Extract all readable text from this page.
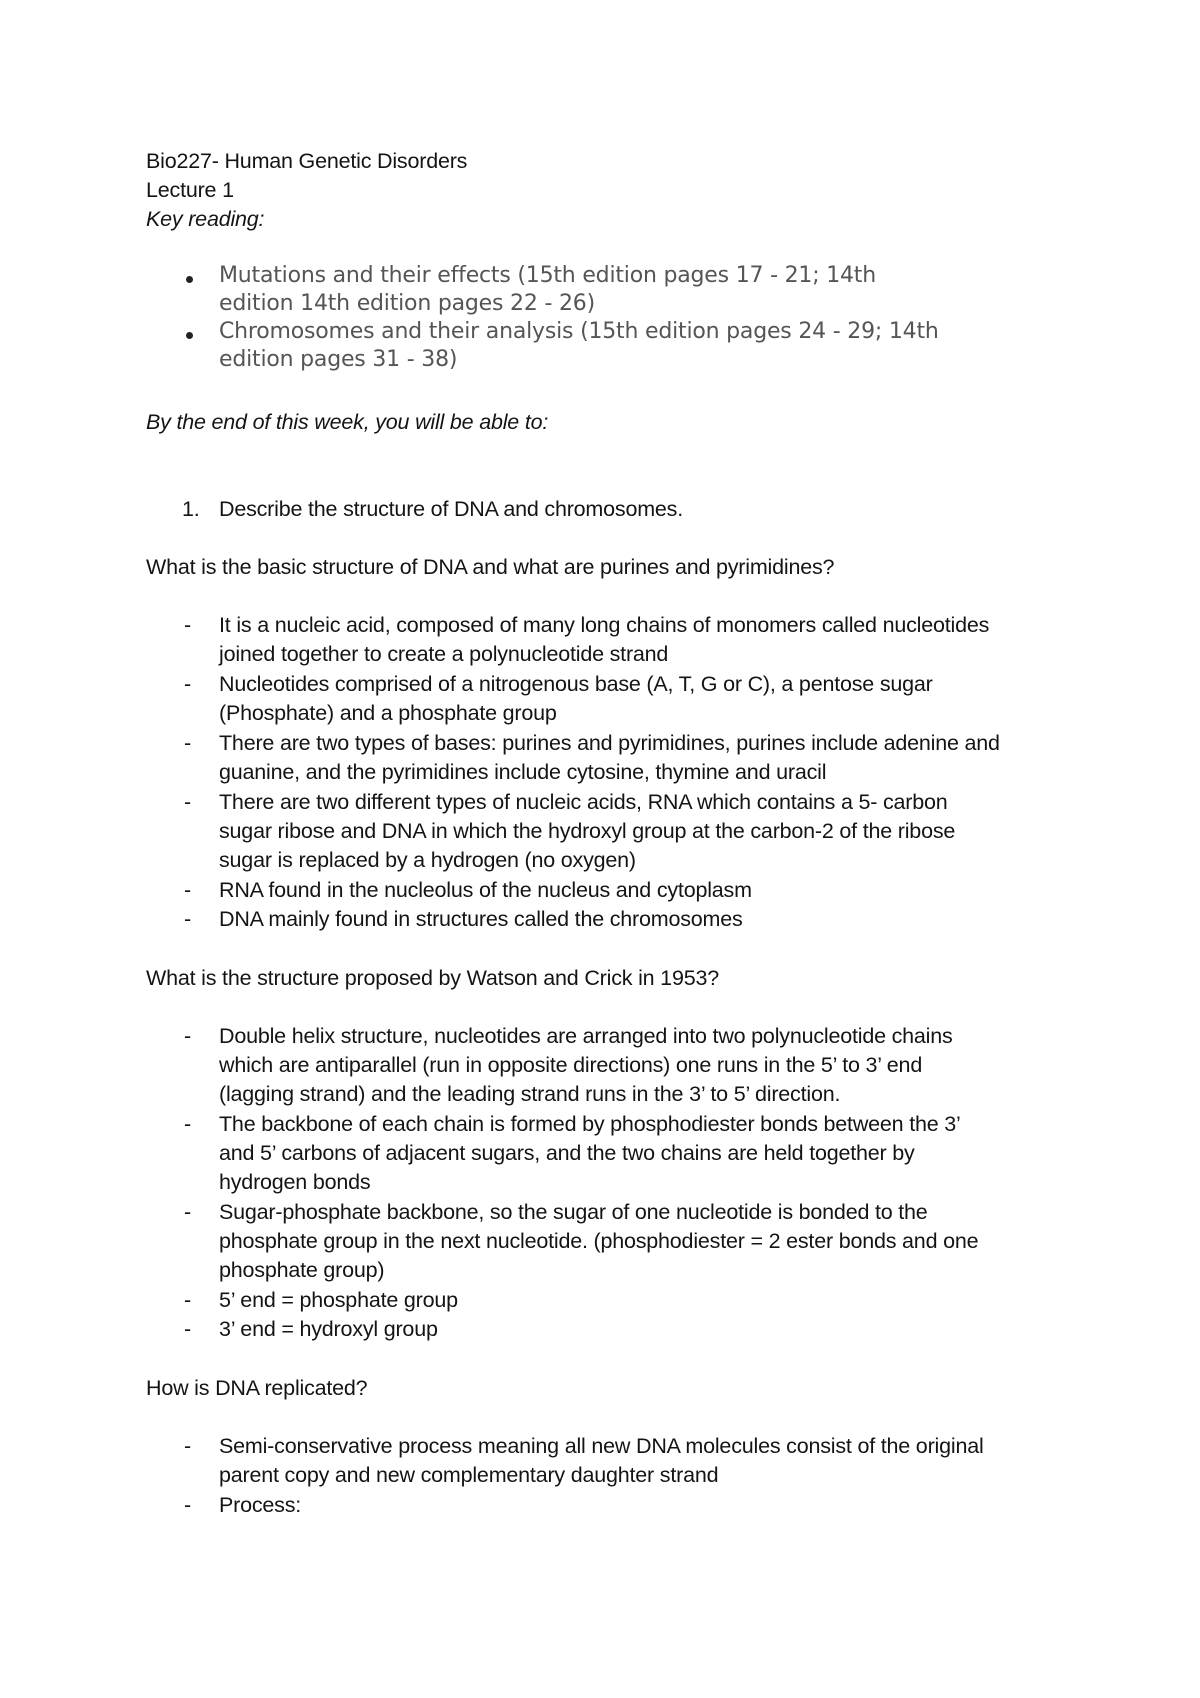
Bio227- Human Genetic Disorders
Lecture 1
Key reading:
Mutations and their effects (15th edition pages 17 - 21; 14th
edition 14th edition pages 22 - 26)
Chromosomes and their analysis (15th edition pages 24 - 29; 14th
edition pages 31 - 38)
By the end of this week, you will be able to:
1. Describe the structure of DNA and chromosomes.
What is the basic structure of DNA and what are purines and pyrimidines?
- It is a nucleic acid, composed of many long chains of monomers called nucleotides
joined together to create a polynucleotide strand
- Nucleotides comprised of a nitrogenous base (A, T, G or C), a pentose sugar
(Phosphate) and a phosphate group
- There are two types of bases: purines and pyrimidines, purines include adenine and
guanine, and the pyrimidines include cytosine, thymine and uracil
- There are two different types of nucleic acids, RNA which contains a 5- carbon
sugar ribose and DNA in which the hydroxyl group at the carbon-2 of the ribose
sugar is replaced by a hydrogen (no oxygen)
- RNA found in the nucleolus of the nucleus and cytoplasm
- DNA mainly found in structures called the chromosomes
What is the structure proposed by Watson and Crick in 1953?
- Double helix structure, nucleotides are arranged into two polynucleotide chains
which are antiparallel (run in opposite directions) one runs in the 5’ to 3’ end
(lagging strand) and the leading strand runs in the 3’ to 5’ direction.
- The backbone of each chain is formed by phosphodiester bonds between the 3’
and 5’ carbons of adjacent sugars, and the two chains are held together by
hydrogen bonds
- Sugar-phosphate backbone, so the sugar of one nucleotide is bonded to the
phosphate group in the next nucleotide. (phosphodiester = 2 ester bonds and one
phosphate group)
- 5’ end = phosphate group
- 3’ end = hydroxyl group
How is DNA replicated?
- Semi-conservative process meaning all new DNA molecules consist of the original
parent copy and new complementary daughter strand
- Process:
